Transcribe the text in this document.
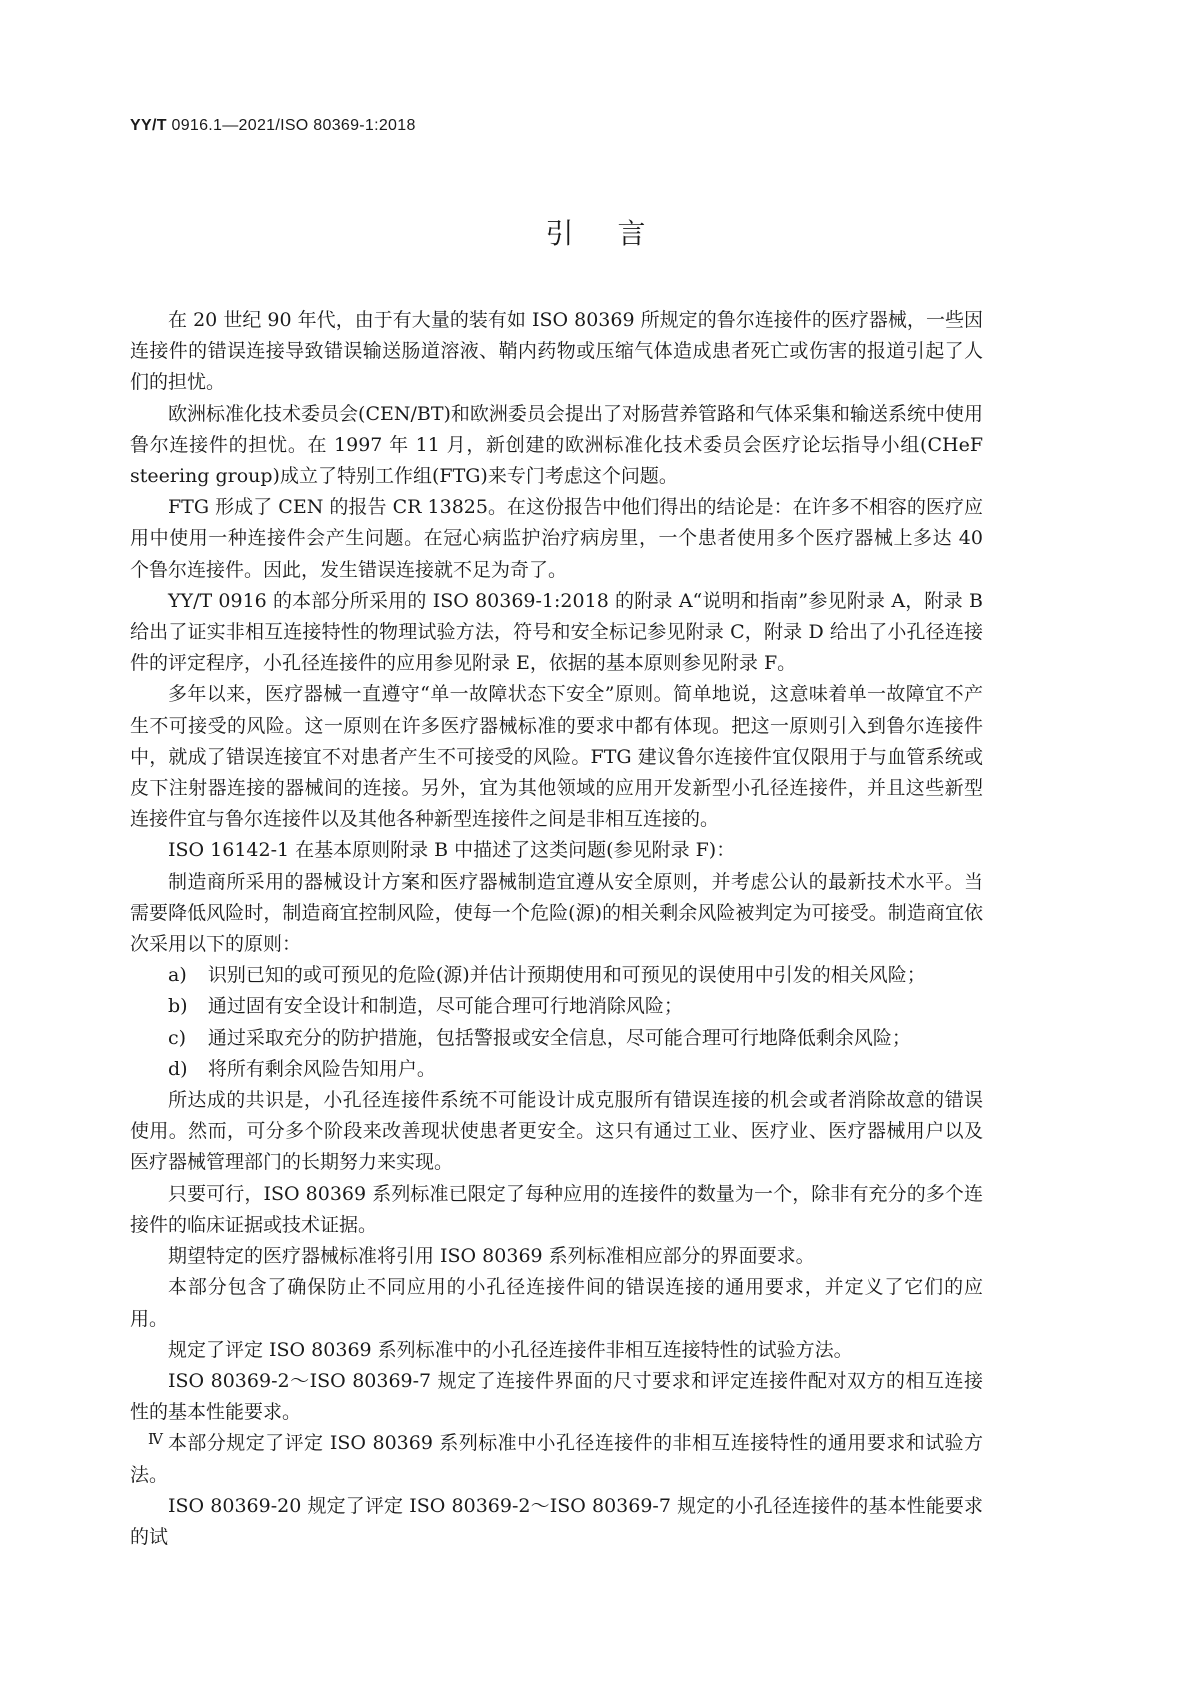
YY/T 0916.1—2021/ISO 80369-1:2018
引言

在 20 世纪 90 年代，由于有大量的装有如 ISO 80369 所规定的鲁尔连接件的医疗器械，一些因连接件的错误连接导致错误输送肠道溶液、鞘内药物或压缩气体造成患者死亡或伤害的报道引起了人们的担忧。

欧洲标准化技术委员会(CEN/BT)和欧洲委员会提出了对肠营养管路和气体采集和输送系统中使用鲁尔连接件的担忧。在 1997 年 11 月，新创建的欧洲标准化技术委员会医疗论坛指导小组(CHeF steering group)成立了特别工作组(FTG)来专门考虑这个问题。

FTG 形成了 CEN 的报告 CR 13825。在这份报告中他们得出的结论是：在许多不相容的医疗应用中使用一种连接件会产生问题。在冠心病监护治疗病房里，一个患者使用多个医疗器械上多达 40 个鲁尔连接件。因此，发生错误连接就不足为奇了。

YY/T 0916 的本部分所采用的 ISO 80369-1:2018 的附录 A“说明和指南”参见附录 A，附录 B 给出了证实非相互连接特性的物理试验方法，符号和安全标记参见附录 C，附录 D 给出了小孔径连接件的评定程序，小孔径连接件的应用参见附录 E，依据的基本原则参见附录 F。

多年以来，医疗器械一直遵守“单一故障状态下安全”原则。简单地说，这意味着单一故障宜不产生不可接受的风险。这一原则在许多医疗器械标准的要求中都有体现。把这一原则引入到鲁尔连接件中，就成了错误连接宜不对患者产生不可接受的风险。FTG 建议鲁尔连接件宜仅限用于与血管系统或皮下注射器连接的器械间的连接。另外，宜为其他领域的应用开发新型小孔径连接件，并且这些新型连接件宜与鲁尔连接件以及其他各种新型连接件之间是非相互连接的。

ISO 16142-1 在基本原则附录 B 中描述了这类问题(参见附录 F)：

制造商所采用的器械设计方案和医疗器械制造宜遵从安全原则，并考虑公认的最新技术水平。当需要降低风险时，制造商宜控制风险，使每一个危险(源)的相关剩余风险被判定为可接受。制造商宜依次采用以下的原则：

a) 识别已知的或可预见的危险(源)并估计预期使用和可预见的误使用中引发的相关风险；

b) 通过固有安全设计和制造，尽可能合理可行地消除风险；

c) 通过采取充分的防护措施，包括警报或安全信息，尽可能合理可行地降低剩余风险；

d) 将所有剩余风险告知用户。

所达成的共识是，小孔径连接件系统不可能设计成克服所有错误连接的机会或者消除故意的错误使用。然而，可分多个阶段来改善现状使患者更安全。这只有通过工业、医疗业、医疗器械用户以及医疗器械管理部门的长期努力来实现。

只要可行，ISO 80369 系列标准已限定了每种应用的连接件的数量为一个，除非有充分的多个连接件的临床证据或技术证据。

期望特定的医疗器械标准将引用 ISO 80369 系列标准相应部分的界面要求。

本部分包含了确保防止不同应用的小孔径连接件间的错误连接的通用要求，并定义了它们的应用。

规定了评定 ISO 80369 系列标准中的小孔径连接件非相互连接特性的试验方法。

ISO 80369-2～ISO 80369-7 规定了连接件界面的尺寸要求和评定连接件配对双方的相互连接性的基本性能要求。

本部分规定了评定 ISO 80369 系列标准中小孔径连接件的非相互连接特性的通用要求和试验方法。

ISO 80369-20 规定了评定 ISO 80369-2～ISO 80369-7 规定的小孔径连接件的基本性能要求的试

Ⅳ
